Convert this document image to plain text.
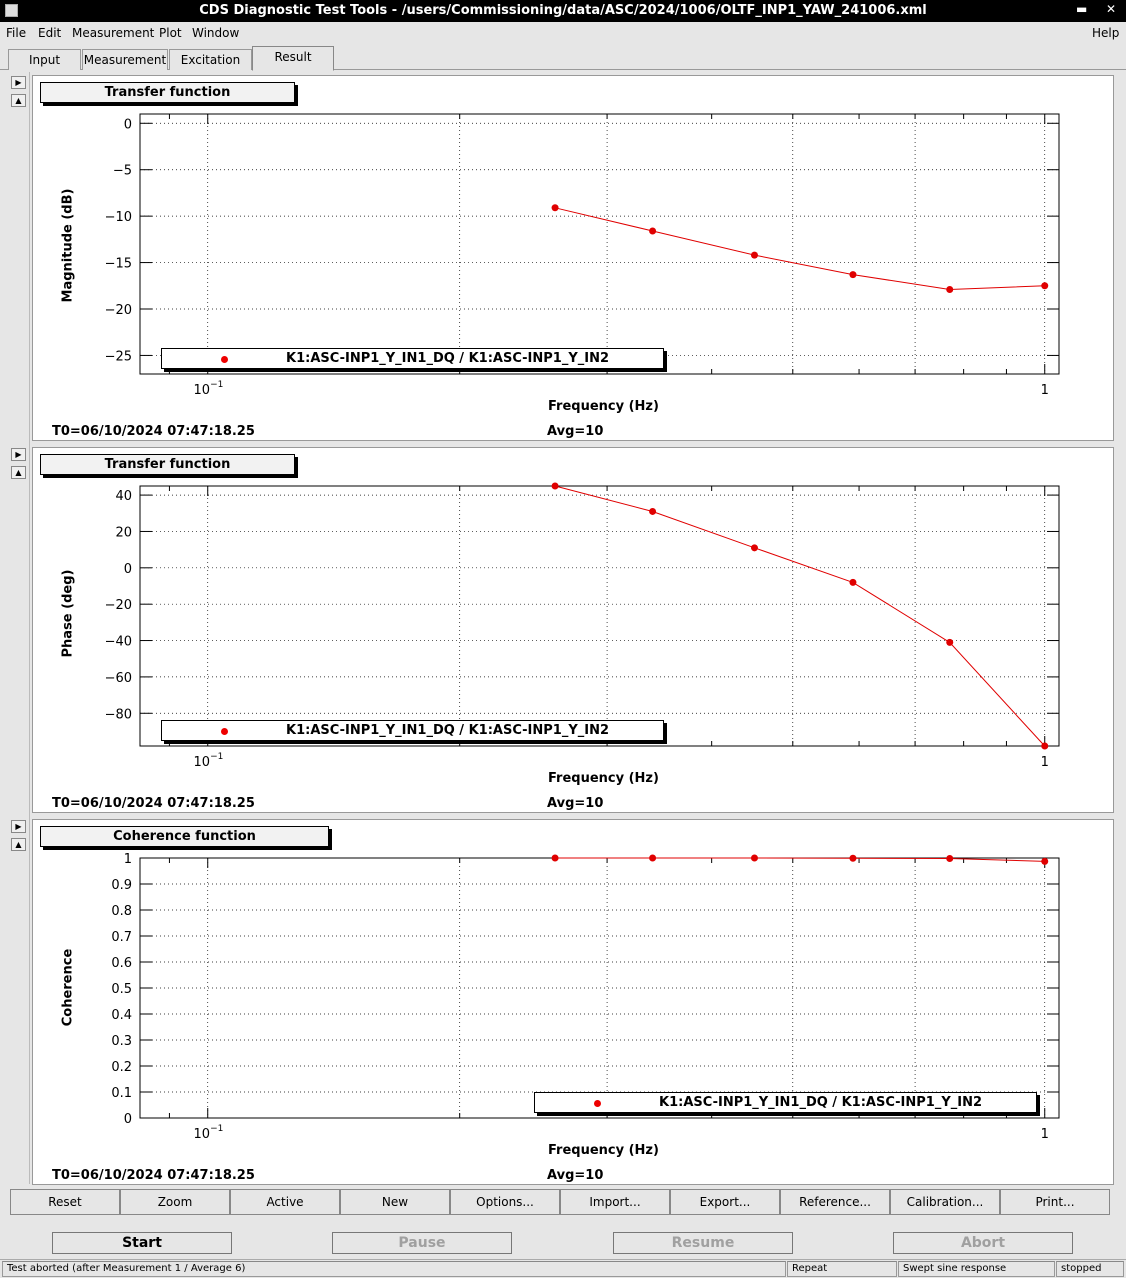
CDS Diagnostic Test Tools - /users/Commissioning/data/ASC/2024/1006/OLTF_INP1_YAW_241006.xml	▬ ✕
File Edit Measurement Plot Window	Help
Input	Measurement	Excitation	Result
▶
▲
▶
▲
▶
▲
0
−5
−10
−15
−20
−25
10 −1	1
Transfer function
Magnitude (dB)
Frequency (Hz)
K1:ASC-INP1_Y_IN1_DQ / K1:ASC-INP1_Y_IN2
T0=06/10/2024 07:47:18.25	Avg=10
40
20
0
−20
−40
−60
−80
10 −1	1
Transfer function
Phase (deg)
Frequency (Hz)
K1:ASC-INP1_Y_IN1_DQ / K1:ASC-INP1_Y_IN2
T0=06/10/2024 07:47:18.25	Avg=10
1
0.9
0.8
0.7
0.6
0.5
0.4
0.3
0.2
0.1
0
10 −1	1
Coherence function
Coherence
Frequency (Hz)
K1:ASC-INP1_Y_IN1_DQ / K1:ASC-INP1_Y_IN2
T0=06/10/2024 07:47:18.25	Avg=10
Reset	Zoom	Active	New	Options...	Import...	Export...	Reference...	Calibration...	Print...
Start	Pause	Resume	Abort
Test aborted (after Measurement 1 / Average 6)	Repeat	Swept sine response	stopped
